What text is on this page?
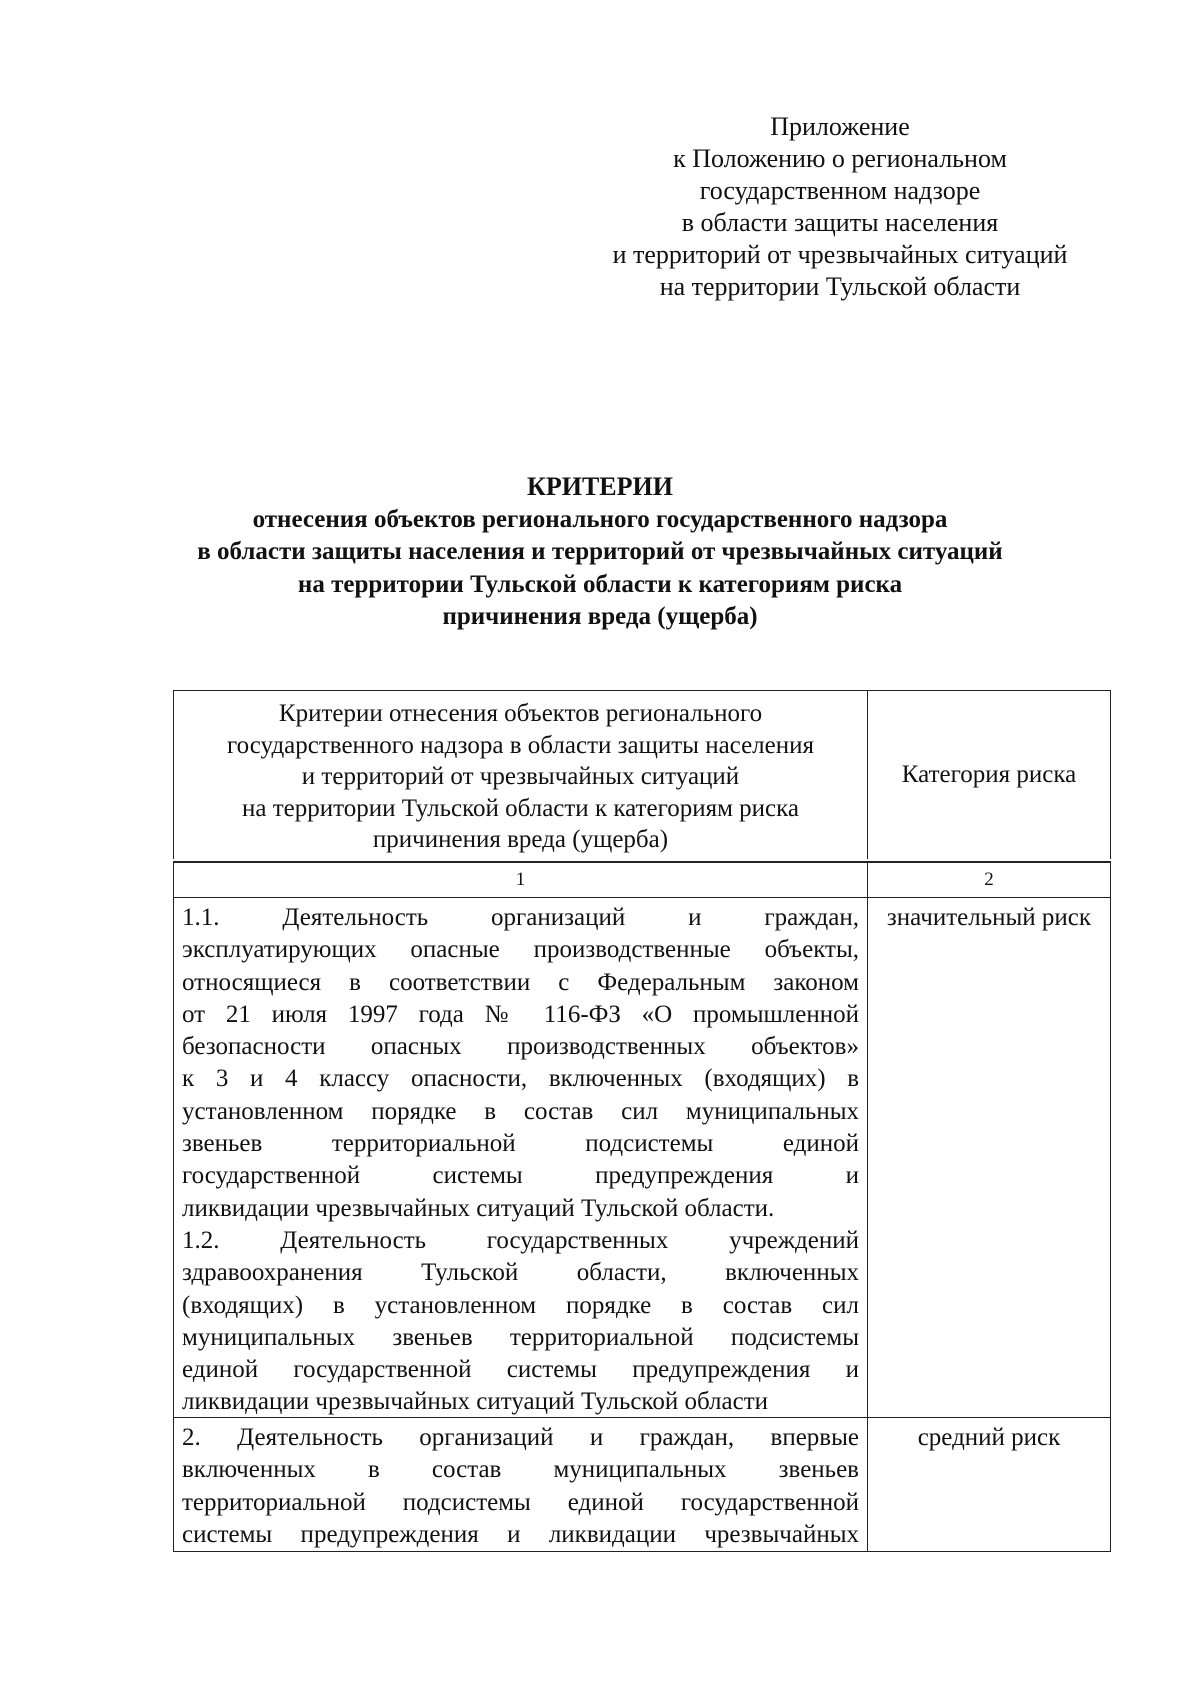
Приложение
к Положению о региональном
государственном надзоре
в области защиты населения
и территорий от чрезвычайных ситуаций
на территории Тульской области
КРИТЕРИИ
отнесения объектов регионального государственного надзора
в области защиты населения и территорий от чрезвычайных ситуаций
на территории Тульской области к категориям риска
причинения вреда (ущерба)
Критерии отнесения объектов регионального
государственного надзора в области защиты населения
и территорий от чрезвычайных ситуаций
на территории Тульской области к категориям риска
причинения вреда (ущерба)
Категория риска
1	2
1.1. Деятельность организаций и граждан,
эксплуатирующих опасные производственные объекты,
относящиеся в соответствии с Федеральным законом
от 21 июля 1997 года № 116-ФЗ «О промышленной
безопасности опасных производственных объектов»
к 3 и 4 классу опасности, включенных (входящих) в
установленном порядке в состав сил муниципальных
звеньев территориальной подсистемы единой
государственной системы предупреждения и
ликвидации чрезвычайных ситуаций Тульской области.
1.2. Деятельность государственных учреждений
здравоохранения Тульской области, включенных
(входящих) в установленном порядке в состав сил
муниципальных звеньев территориальной подсистемы
единой государственной системы предупреждения и
ликвидации чрезвычайных ситуаций Тульской области
значительный риск
2. Деятельность организаций и граждан, впервые
включенных в состав муниципальных звеньев
территориальной подсистемы единой государственной
системы предупреждения и ликвидации чрезвычайных
средний риск
